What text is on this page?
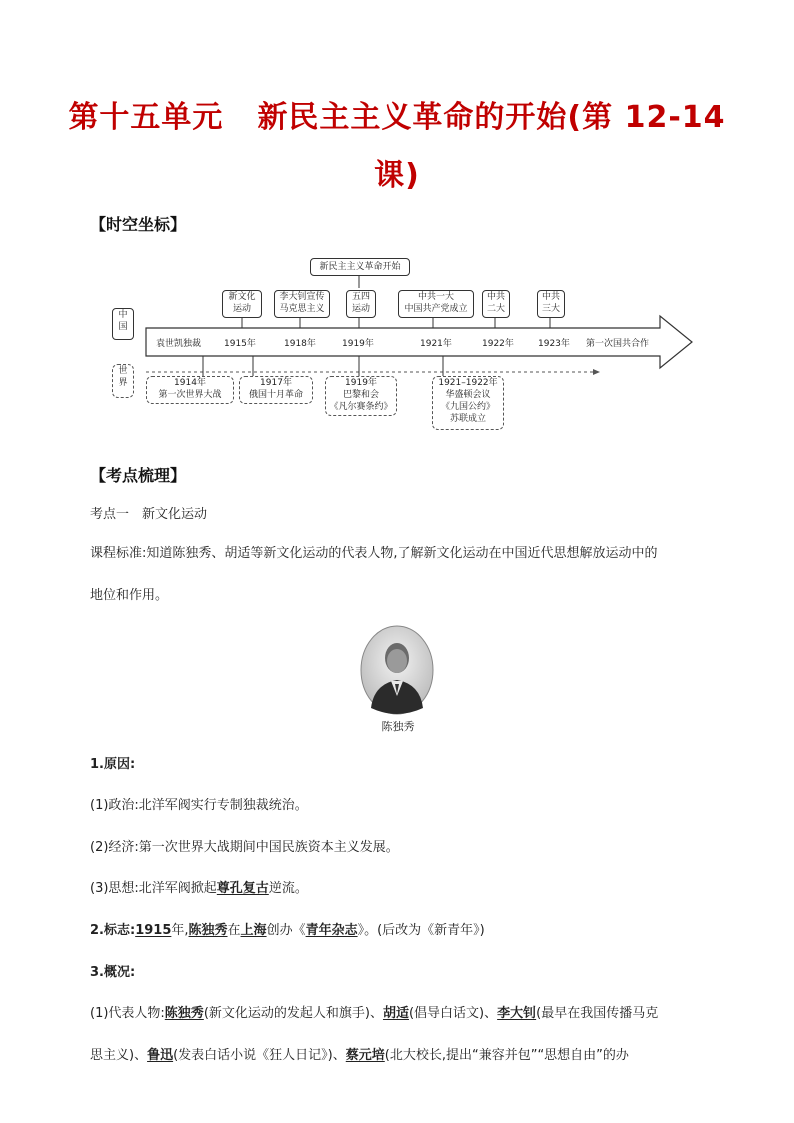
第十五单元 新民主主义革命的开始(第 12-14
课)
【时空坐标】
中
国
世
界
新民主主义革命开始
新文化
运动
李大钊宣传
马克思主义
五四
运动
中共一大
中国共产党成立
中共
二大
中共
三大
袁世凯独裁	1915年	1918年	1919年	1921年	1922年	1923年 第一次国共合作
1914年
第一次世界大战
1917年
俄国十月革命
1919年
巴黎和会
《凡尔赛条约》
1921–1922年
华盛顿会议
《九国公约》
苏联成立
【考点梳理】
考点一　新文化运动
课程标准:知道陈独秀、胡适等新文化运动的代表人物,了解新文化运动在中国近代思想解放运动中的
地位和作用。
陈独秀
1.原因:
(1)政治:北洋军阀实行专制独裁统治。
(2)经济:第一次世界大战期间中国民族资本主义发展。
(3)思想:北洋军阀掀起尊孔复古逆流。
2.标志:1915年,陈独秀在上海创办《青年杂志》。(后改为《新青年》)
3.概况:
(1)代表人物:陈独秀(新文化运动的发起人和旗手)、胡适(倡导白话文)、李大钊(最早在我国传播马克
思主义)、鲁迅(发表白话小说《狂人日记》)、蔡元培(北大校长,提出“兼容并包”“思想自由”的办
